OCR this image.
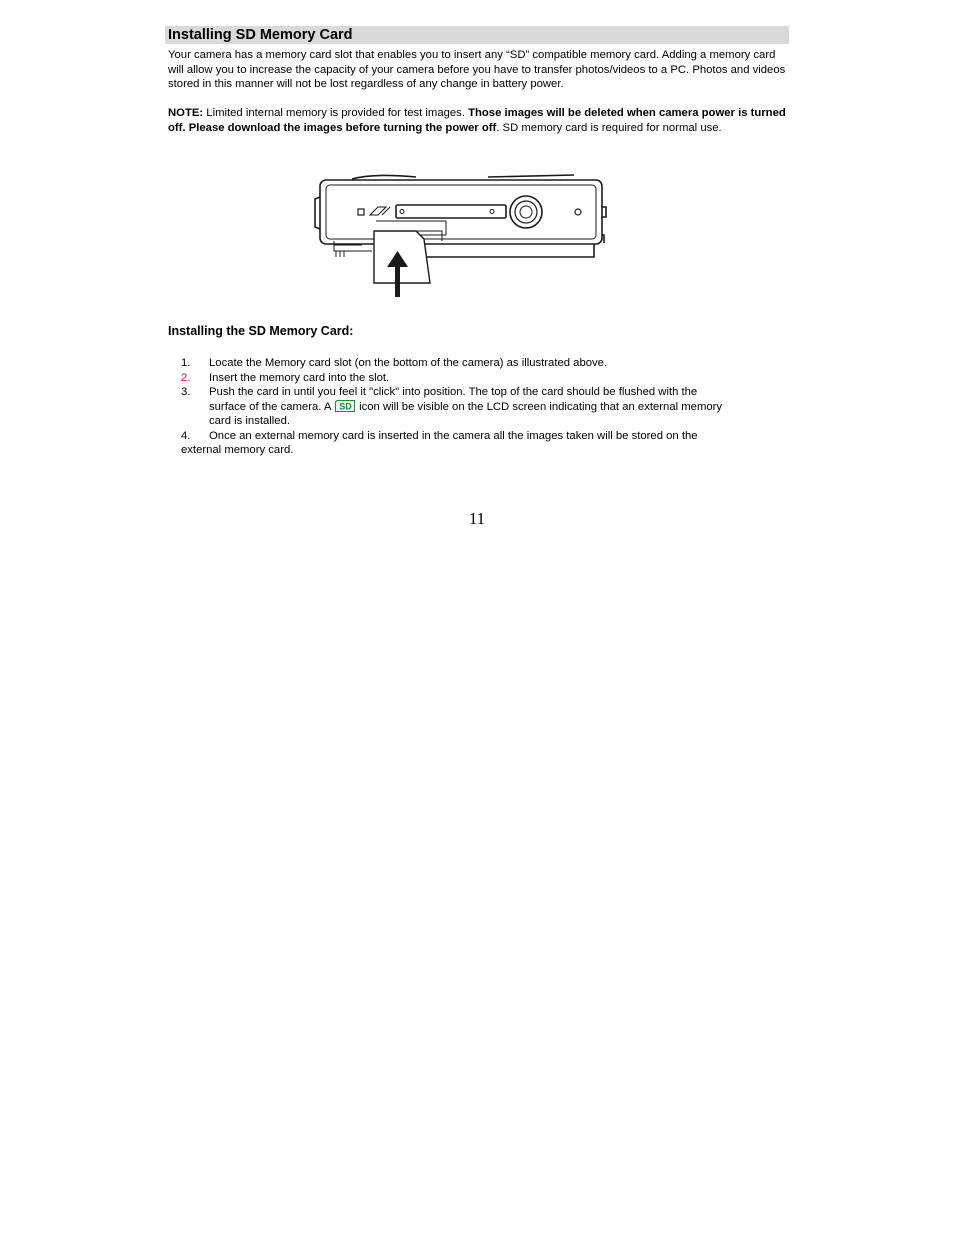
Installing SD Memory Card

Your camera has a memory card slot that enables you to insert any “SD” compatible memory card. Adding a memory card will allow you to increase the capacity of your camera before you have to transfer photos/videos to a PC. Photos and videos stored in this manner will not be lost regardless of any change in battery power.

NOTE: Limited internal memory is provided for test images. Those images will be deleted when camera power is turned off. Please download the images before turning the power off. SD memory card is required for normal use.

Installing the SD Memory Card:
1. Locate the Memory card slot (on the bottom of the camera) as illustrated above.
2. Insert the memory card into the slot.	.
3. Push the card in until you feel it "click" into position. The top of the card should be flushed with the
surface of the camera. A SD icon will be visible on the LCD screen indicating that an external memory
card is installed.
4. Once an external memory card is inserted in the camera all the images taken will be stored on the
external memory card.
11
